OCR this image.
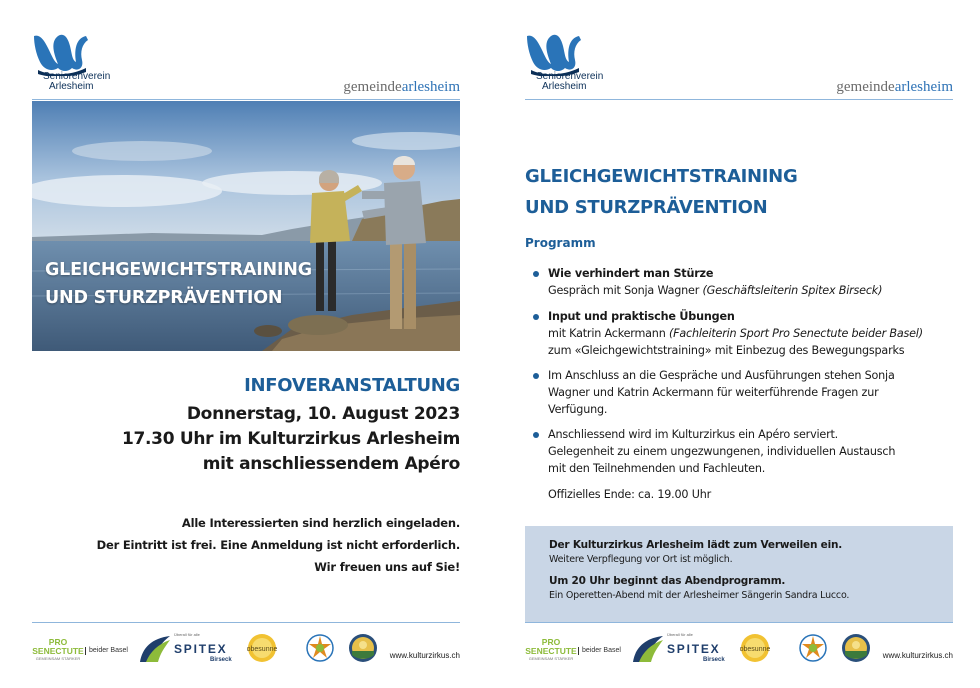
Seniorenverein
Arlesheim	gemeindearlesheim
GLEICHGEWICHTSTRAINING
UND STURZPRÄVENTION
INFOVERANSTALTUNG
Donnerstag, 10. August 2023
17.30 Uhr im Kulturzirkus Arlesheim
mit anschliessendem Apéro
Alle Interessierten sind herzlich eingeladen.
Der Eintritt ist frei. Eine Anmeldung ist nicht erforderlich.
Wir freuen uns auf Sie!
PRO
SENECTUTE
GEMEINSAM STÄRKER
beider Basel
Überall für alle
SPITEX
Birseck
obesunne
www.kulturzirkus.ch
Seniorenverein
Arlesheim	gemeindearlesheim
GLEICHGEWICHTSTRAINING
UND STURZPRÄVENTION
Programm
Wie verhindert man Stürze
Gespräch mit Sonja Wagner (Geschäftsleiterin Spitex Birseck)
Input und praktische Übungen
mit Katrin Ackermann (Fachleiterin Sport Pro Senectute beider Basel)
zum «Gleichgewichtstraining» mit Einbezug des Bewegungsparks
Im Anschluss an die Gespräche und Ausführungen stehen Sonja
Wagner und Katrin Ackermann für weiterführende Fragen zur
Verfügung.
Anschliessend wird im Kulturzirkus ein Apéro serviert.
Gelegenheit zu einem ungezwungenen, individuellen Austausch
mit den Teilnehmenden und Fachleuten.
Offizielles Ende: ca. 19.00 Uhr
Der Kulturzirkus Arlesheim lädt zum Verweilen ein.
Weitere Verpflegung vor Ort ist möglich.
Um 20 Uhr beginnt das Abendprogramm.
Ein Operetten-Abend mit der Arlesheimer Sängerin Sandra Lucco.
PRO
SENECTUTE
GEMEINSAM STÄRKER
beider Basel
Überall für alle
SPITEX
Birseck
obesunne
www.kulturzirkus.ch
